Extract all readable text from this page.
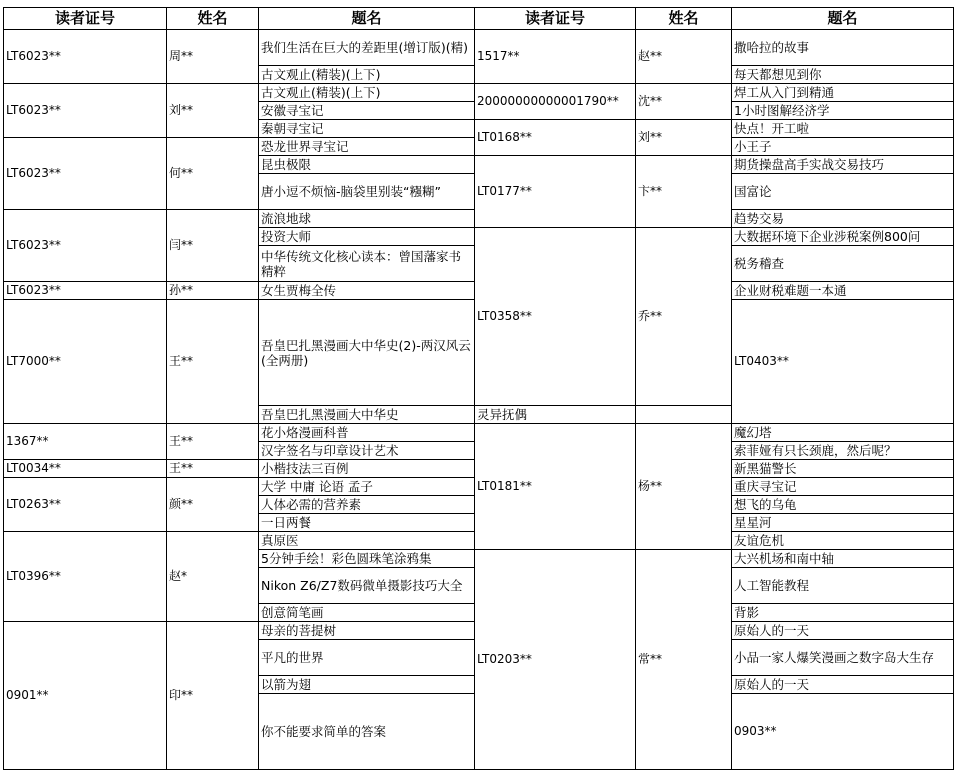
读者证号	姓名	题名	读者证号	姓名	题名	
LT6023**	周**	我们生活在巨大的差距里(增订版)(精)	1517**	赵**	撒哈拉的故事	
		古文观止(精装)(上下)			每天都想见到你	
LT6023**	刘**	古文观止(精装)(上下)	20000000000001790**	沈**	焊工从入门到精通	
		安徽寻宝记			1小时图解经济学	
		秦朝寻宝记	LT0168**	刘**	快点！开工啦	
LT6023**	何**	恐龙世界寻宝记			小王子	
		昆虫极限	LT0177**	卞**	期货操盘高手实战交易技巧	
		唐小逗不烦恼-脑袋里别装“糨糊”			国富论	
LT6023**	闫**	流浪地球			趋势交易	
		投资大师	LT0358**	乔**	大数据环境下企业涉税案例800问	
		中华传统文化核心读本：曾国藩家书精粹			税务稽查	
LT6023**	孙**	女生贾梅全传			企业财税难题一本通	
LT7000**	王**	吾皇巴扎黑漫画大中华史(2)-两汉风云(全两册)			LT0403**		
		吾皇巴扎黑漫画大中华史	灵异抚偶			
1367**	王**	花小烙漫画科普	LT0181**	杨**	魔幻塔	
		汉字签名与印章设计艺术			索菲娅有只长颈鹿，然后呢？	
LT0034**	王**	小楷技法三百例			新黑猫警长	
LT0263**	颜**	大学 中庸 论语 孟子			重庆寻宝记	
		人体必需的营养素			想飞的乌龟	
		一日两餐			星星河	
LT0396**	赵*	真原医			友谊危机	
		5分钟手绘！彩色圆珠笔涂鸦集	LT0203**	常**	大兴机场和南中轴	
		Nikon Z6/Z7数码微单摄影技巧大全			人工智能教程	
		创意简笔画			背影	
0901**	印**	母亲的菩提树			原始人的一天	
		平凡的世界			小品一家人爆笑漫画之数字岛大生存	
		以箭为翅			原始人的一天	
		你不能要求简单的答案			0903**		
